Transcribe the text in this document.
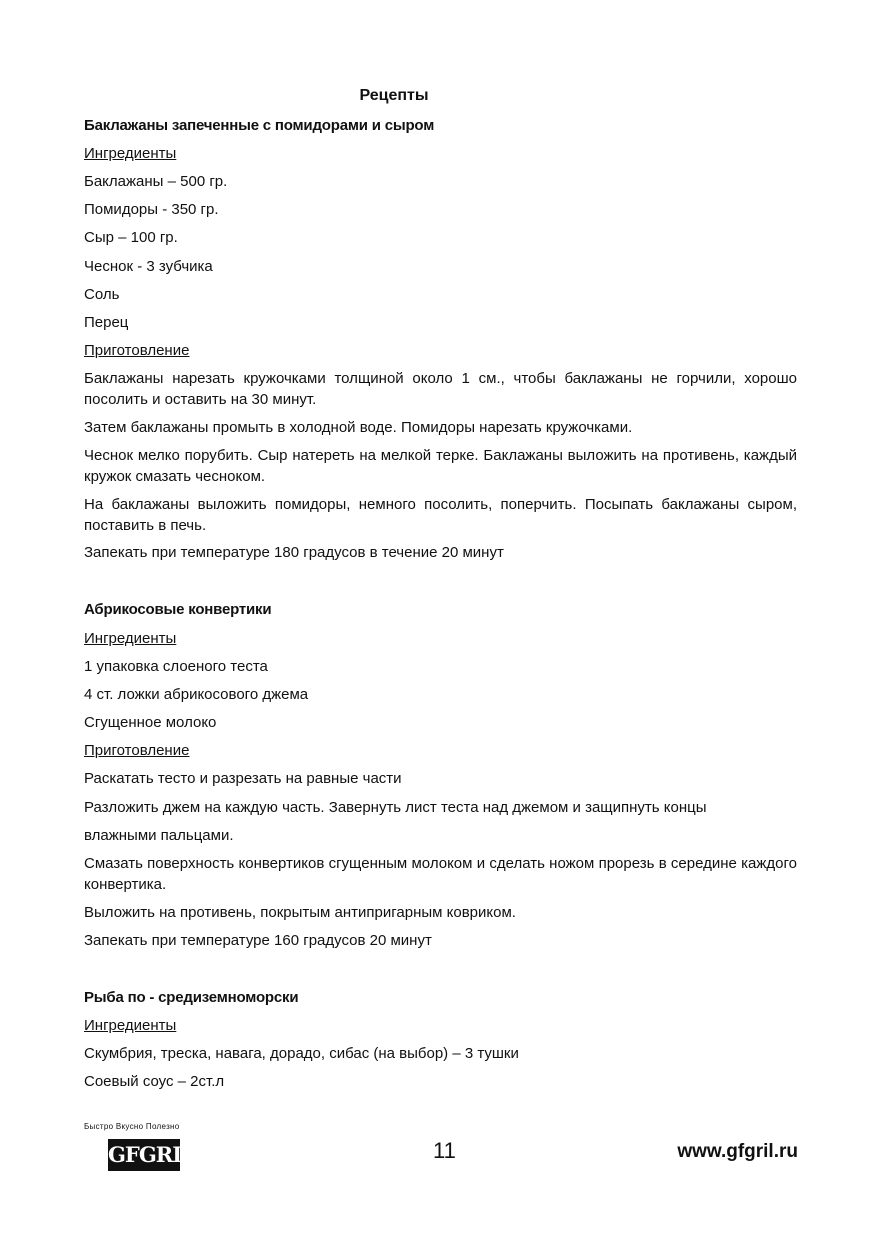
Рецепты
Баклажаны запеченные с помидорами и сыром
Ингредиенты
Баклажаны – 500 гр.
Помидоры - 350 гр.
Сыр – 100 гр.
Чеснок - 3 зубчика
Соль
Перец
Приготовление
Баклажаны нарезать кружочками толщиной около 1 см., чтобы баклажаны не горчили, хорошо посолить и оставить на 30 минут.
Затем баклажаны промыть в холодной воде. Помидоры нарезать кружочками.
Чеснок мелко порубить. Сыр натереть на мелкой терке. Баклажаны выложить на противень, каждый кружок смазать чесноком.
На баклажаны выложить помидоры, немного посолить, поперчить. Посыпать баклажаны сыром, поставить в печь.
Запекать при температуре 180 градусов в течение 20 минут
Абрикосовые конвертики
Ингредиенты
1 упаковка слоеного теста
4 ст. ложки абрикосового джема
Сгущенное молоко
Приготовление
Раскатать тесто и разрезать на равные части
Разложить джем на каждую часть. Завернуть лист теста над джемом и защипнуть концы
влажными пальцами.
Смазать поверхность конвертиков сгущенным молоком и сделать ножом прорезь в середине каждого конвертика.
Выложить на противень, покрытым антипригарным ковриком.
Запекать при температуре 160 градусов 20 минут
Рыба по - средиземноморски
Ингредиенты
Скумбрия, треска, навага, дорадо, сибас (на выбор) – 3 тушки
Соевый соус – 2ст.л
Быстро Вкусно Полезно
GFGRIL	11	www.gfgril.ru
